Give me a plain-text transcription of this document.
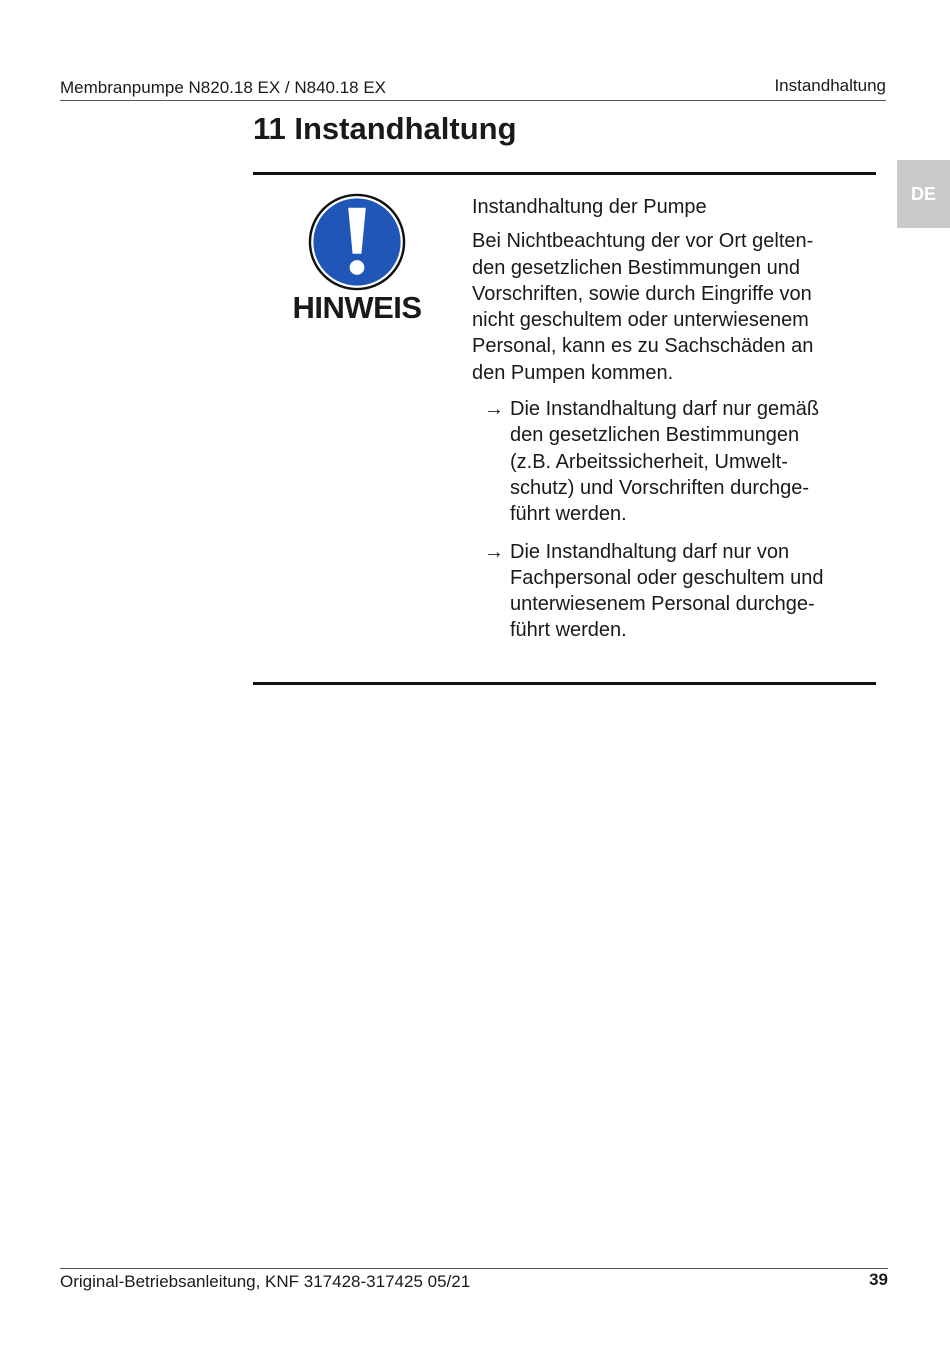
Membranpumpe N820.18 EX / N840.18 EX	Instandhaltung
DE
11 Instandhaltung
HINWEIS

Instandhaltung der Pumpe

Bei Nichtbeachtung der vor Ort gelten-
den gesetzlichen Bestimmungen und
Vorschriften, sowie durch Eingriffe von
nicht geschultem oder unterwiesenem
Personal, kann es zu Sachschäden an
den Pumpen kommen.

→ Die Instandhaltung darf nur gemäß
den gesetzlichen Bestimmungen
(z.B. Arbeitssicherheit, Umwelt-
schutz) und Vorschriften durchge-
führt werden.
→ Die Instandhaltung darf nur von
Fachpersonal oder geschultem und
unterwiesenem Personal durchge-
führt werden.
Original-Betriebsanleitung, KNF 317428-317425 05/21	39
